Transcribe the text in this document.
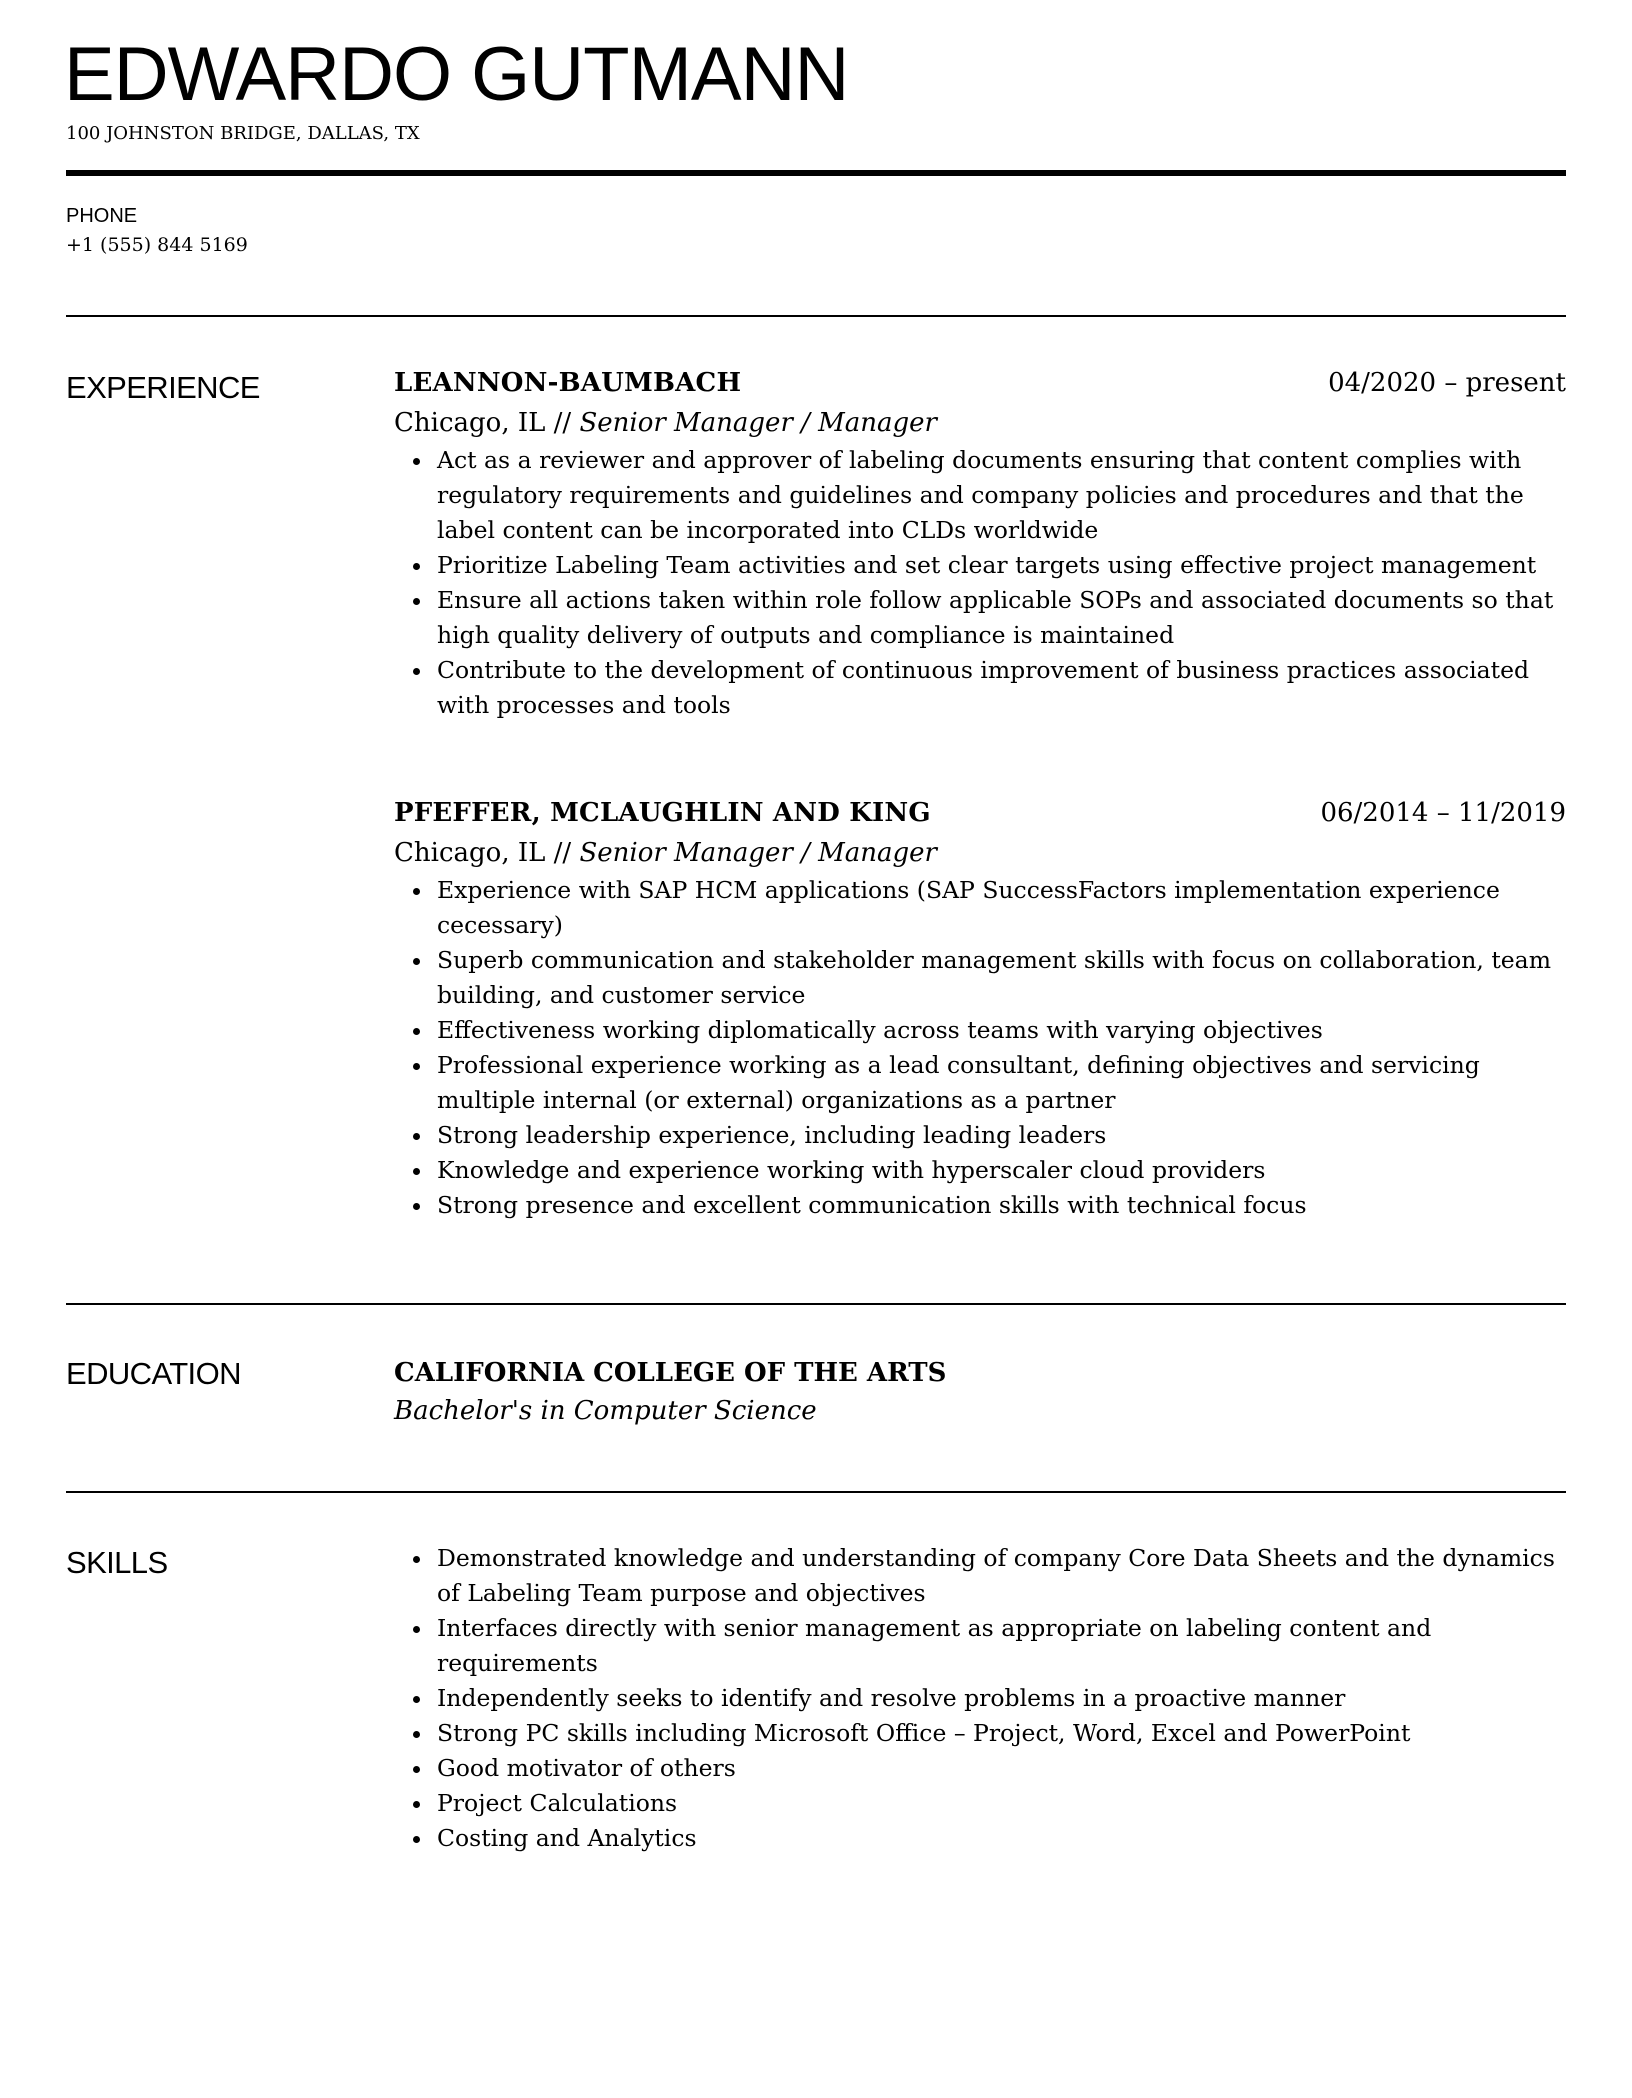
EDWARDO GUTMANN
100 JOHNSTON BRIDGE, DALLAS, TX
PHONE
+1 (555) 844 5169
EXPERIENCE	LEANNON-BAUMBACH	04/2020 – present
Chicago, IL // Senior Manager / Manager
Act as a reviewer and approver of labeling documents ensuring that content complies with regulatory requirements and guidelines and company policies and procedures and that the label content can be incorporated into CLDs worldwide
Prioritize Labeling Team activities and set clear targets using effective project management
Ensure all actions taken within role follow applicable SOPs and associated documents so that high quality delivery of outputs and compliance is maintained
Contribute to the development of continuous improvement of business practices associated with processes and tools
PFEFFER, MCLAUGHLIN AND KING	06/2014 – 11/2019
Chicago, IL // Senior Manager / Manager
Experience with SAP HCM applications (SAP SuccessFactors implementation experience cecessary)
Superb communication and stakeholder management skills with focus on collaboration, team building, and customer service
Effectiveness working diplomatically across teams with varying objectives
Professional experience working as a lead consultant, defining objectives and servicing multiple internal (or external) organizations as a partner
Strong leadership experience, including leading leaders
Knowledge and experience working with hyperscaler cloud providers
Strong presence and excellent communication skills with technical focus
EDUCATION	CALIFORNIA COLLEGE OF THE ARTS
Bachelor's in Computer Science
SKILLS	Demonstrated knowledge and understanding of company Core Data Sheets and the dynamics of Labeling Team purpose and objectives
Interfaces directly with senior management as appropriate on labeling content and requirements
Independently seeks to identify and resolve problems in a proactive manner
Strong PC skills including Microsoft Office – Project, Word, Excel and PowerPoint
Good motivator of others
Project Calculations
Costing and Analytics
